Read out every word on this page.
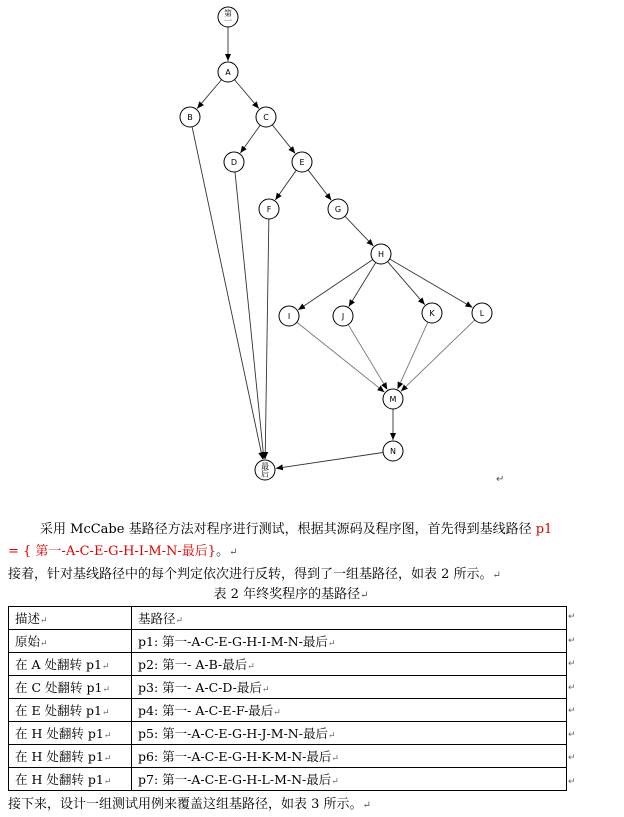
第
一
A
B	C
D	E
F	G
H
I	J	K	L
M
N
最
后	↵
采用 McCabe 基路径方法对程序进行测试，根据其源码及程序图，首先得到基线路径 p1
= { 第一-A-C-E-G-H-I-M-N-最后}。↵
接着，针对基线路径中的每个判定依次进行反转，得到了一组基路径，如表 2 所示。↵
表 2 年终奖程序的基路径↵
描述↵	基路径↵
原始↵	p1: 第一-A-C-E-G-H-I-M-N-最后↵
在 A 处翻转 p1↵	p2: 第一- A-B-最后↵
在 C 处翻转 p1↵	p3: 第一- A-C-D-最后↵
在 E 处翻转 p1↵	p4: 第一- A-C-E-F-最后↵
在 H 处翻转 p1↵	p5: 第一-A-C-E-G-H-J-M-N-最后↵
在 H 处翻转 p1↵	p6: 第一-A-C-E-G-H-K-M-N-最后↵
在 H 处翻转 p1↵	p7: 第一-A-C-E-G-H-L-M-N-最后↵
接下来，设计一组测试用例来覆盖这组基路径，如表 3 所示。↵
↵
↵
↵
↵
↵
↵
↵
↵
